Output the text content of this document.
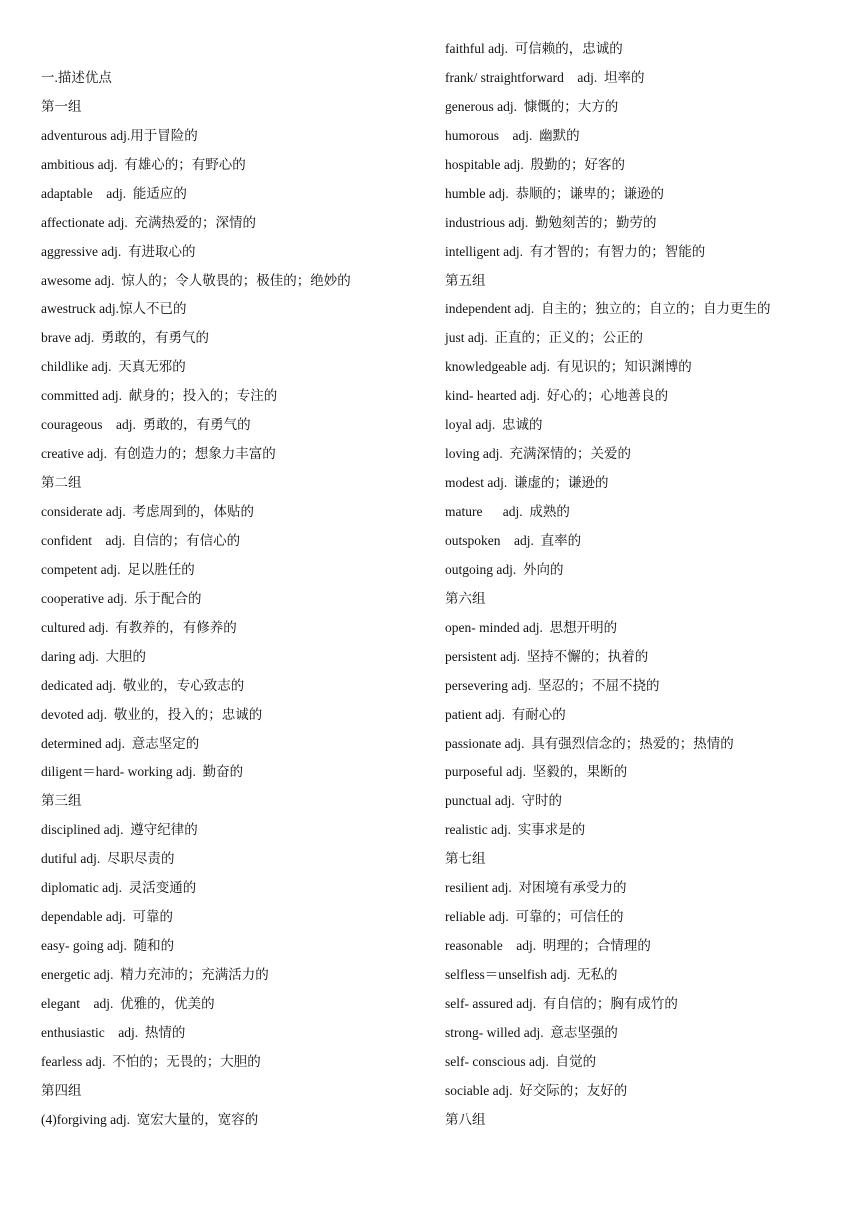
一.描述优点
第一组
adventurous adj.用于冒险的
ambitious adj.  有雄心的；有野心的
adaptable    adj.  能适应的
affectionate adj.  充满热爱的；深情的
aggressive adj.  有进取心的
awesome adj.  惊人的；令人敬畏的；极佳的；绝妙的
awestruck adj.惊人不已的
brave adj.  勇敢的，有勇气的
childlike adj.  天真无邪的
committed adj.  献身的；投入的；专注的
courageous    adj.  勇敢的，有勇气的
creative adj.  有创造力的；想象力丰富的
第二组
considerate adj.  考虑周到的，体贴的
confident    adj.  自信的；有信心的
competent adj.  足以胜任的
cooperative adj.  乐于配合的
cultured adj.  有教养的，有修养的
daring adj.  大胆的
dedicated adj.  敬业的，专心致志的
devoted adj.  敬业的，投入的；忠诚的
determined adj.  意志坚定的
diligent＝hard- working adj.  勤奋的
第三组
disciplined adj.  遵守纪律的
dutiful adj.  尽职尽责的
diplomatic adj.  灵活变通的
dependable adj.  可靠的
easy- going adj.  随和的
energetic adj.  精力充沛的；充满活力的
elegant    adj.  优雅的，优美的
enthusiastic    adj.  热情的
fearless adj.  不怕的；无畏的；大胆的
第四组
(4)forgiving adj.  宽宏大量的，宽容的
faithful adj.  可信赖的，忠诚的
frank/ straightforward    adj.  坦率的
generous adj.  慷慨的；大方的
humorous    adj.  幽默的
hospitable adj.  殷勤的；好客的
humble adj.  恭顺的；谦卑的；谦逊的
industrious adj.  勤勉刻苦的；勤劳的
intelligent adj.  有才智的；有智力的；智能的
第五组
independent adj.  自主的；独立的；自立的；自力更生的
just adj.  正直的；正义的；公正的
knowledgeable adj.  有见识的；知识渊博的
kind- hearted adj.  好心的；心地善良的
loyal adj.  忠诚的
loving adj.  充满深情的；关爱的
modest adj.  谦虚的；谦逊的
mature      adj.  成熟的
outspoken    adj.  直率的
outgoing adj.  外向的
第六组
open- minded adj.  思想开明的
persistent adj.  坚持不懈的；执着的
persevering adj.  坚忍的；不屈不挠的
patient adj.  有耐心的
passionate adj.  具有强烈信念的；热爱的；热情的
purposeful adj.  坚毅的，果断的
punctual adj.  守时的
realistic adj.  实事求是的
第七组
resilient adj.  对困境有承受力的
reliable adj.  可靠的；可信任的
reasonable    adj.  明理的；合情理的
selfless＝unselfish adj.  无私的
self- assured adj.  有自信的；胸有成竹的
strong- willed adj.  意志坚强的
self- conscious adj.  自觉的
sociable adj.  好交际的；友好的
第八组
